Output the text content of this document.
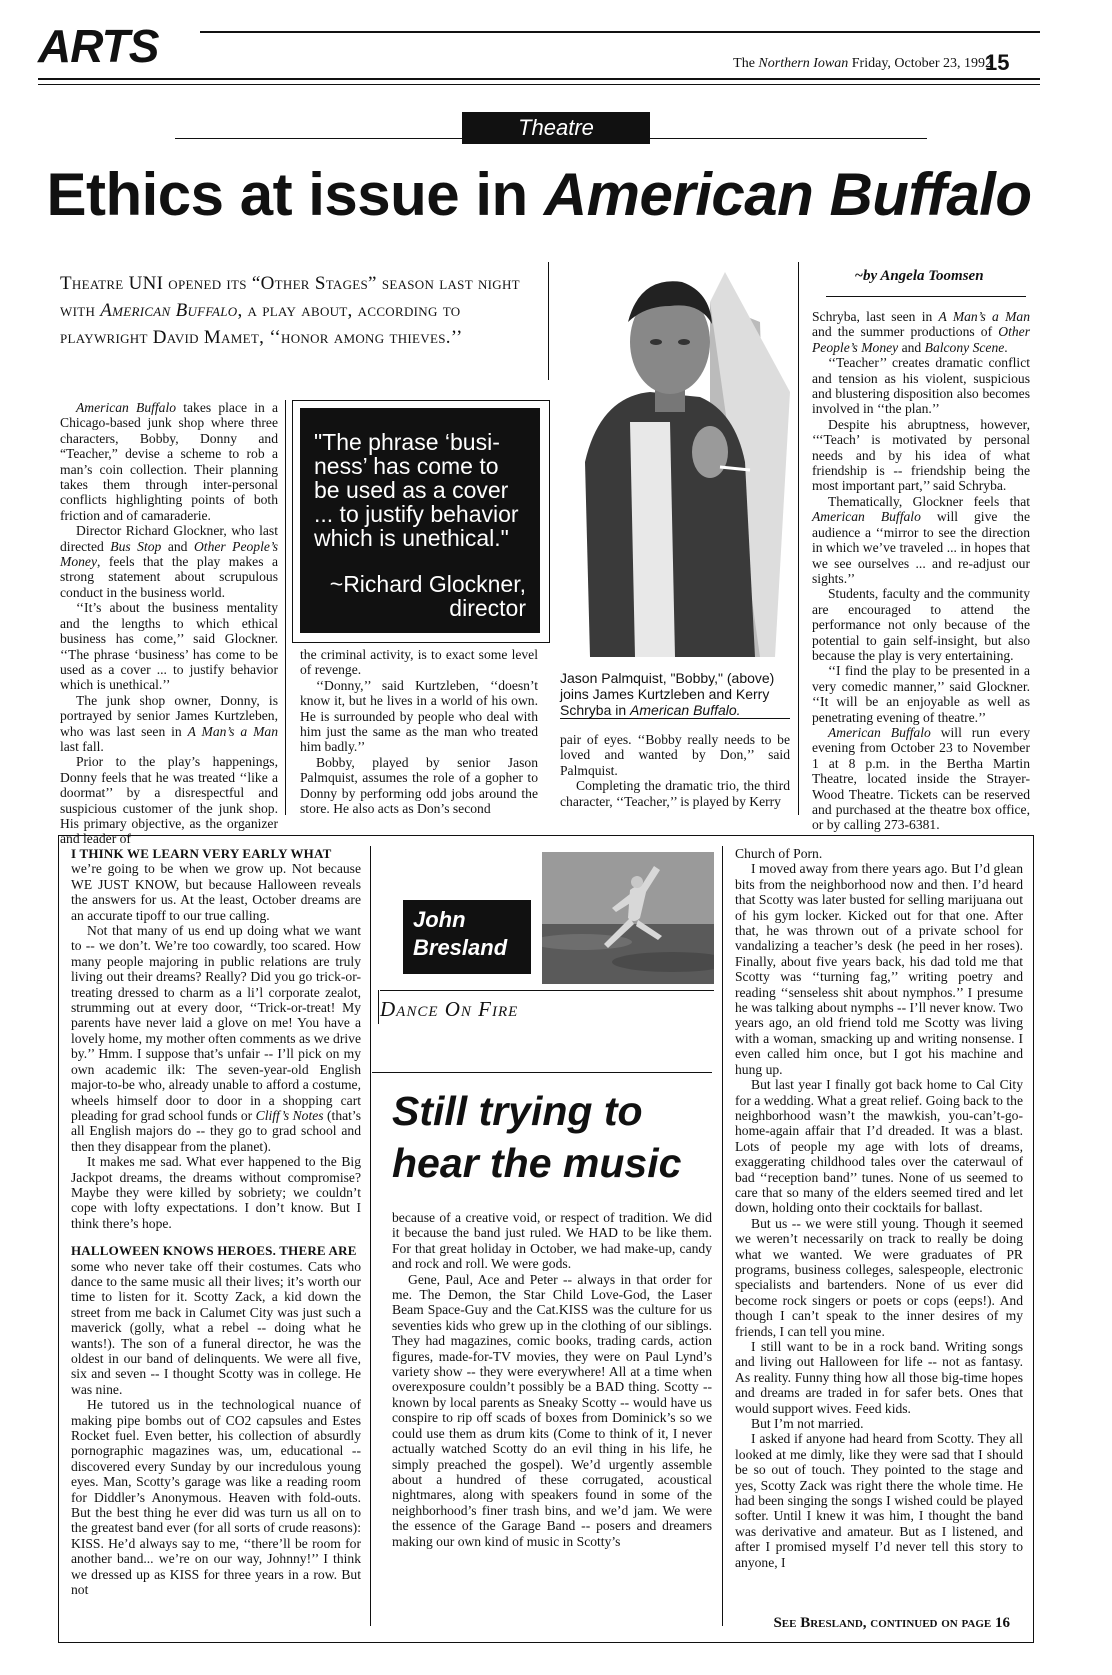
ARTS	The Northern Iowan Friday, October 23, 1992
15
Theatre
Ethics at issue in American Buffalo
Theatre UNI opened its “Other Stages” season last night with American Buffalo, a play about, according to playwright David Mamet, ‘‘honor among thieves.’’

American Buffalo takes place in a Chicago-based junk shop where three characters, Bobby, Donny and “Teacher,” devise a scheme to rob a man’s coin collection. Their planning takes them through inter-personal conflicts highlighting points of both friction and of camaraderie.

Director Richard Glockner, who last directed Bus Stop and Other People’s Money, feels that the play makes a strong statement about scrupulous conduct in the business world.

‘‘It’s about the business mentality and the lengths to which ethical business has come,’’ said Glockner. ‘‘The phrase ‘business’ has come to be used as a cover ... to justify behavior which is unethical.’’

The junk shop owner, Donny, is portrayed by senior James Kurtzleben, who was last seen in A Man’s a Man last fall.

Prior to the play’s happenings, Donny feels that he was treated ‘‘like a doormat’’ by a disrespectful and suspicious customer of the junk shop. His primary objective, as the organizer and leader of

"The phrase ‘busi-ness’ has come to be used as a cover ... to justify behavior which is unethical."
~Richard Glockner,
director

the criminal activity, is to exact some level of revenge.

‘‘Donny,’’ said Kurtzleben, ‘‘doesn’t know it, but he lives in a world of his own. He is surrounded by people who deal with him just the same as the man who treated him badly.’’

Bobby, played by senior Jason Palmquist, assumes the role of a gopher to Donny by performing odd jobs around the store. He also acts as Don’s second

Jason Palmquist, "Bobby," (above) joins James Kurtzleben and Kerry Schryba in American Buffalo.

pair of eyes. ‘‘Bobby really needs to be loved and wanted by Don,’’ said Palmquist.

Completing the dramatic trio, the third character, ‘‘Teacher,’’ is played by Kerry

~by Angela Toomsen

Schryba, last seen in A Man’s a Man and the summer productions of Other People’s Money and Balcony Scene.

‘‘Teacher’’ creates dramatic conflict and tension as his violent, suspicious and blustering disposition also becomes involved in ‘‘the plan.’’

Despite his abruptness, however, ‘‘‘Teach’ is motivated by personal needs and by his idea of what friendship is -- friendship being the most important part,’’ said Schryba.

Thematically, Glockner feels that American Buffalo will give the audience a ‘‘mirror to see the direction in which we’ve traveled ... in hopes that we see ourselves ... and re-adjust our sights.’’

Students, faculty and the community are encouraged to attend the performance not only because of the potential to gain self-insight, but also because the play is very entertaining.

‘‘I find the play to be presented in a very comedic manner,’’ said Glockner. ‘‘It will be an enjoyable as well as penetrating evening of theatre.’’

American Buffalo will run every evening from October 23 to November 1 at 8 p.m. in the Bertha Martin Theatre, located inside the Strayer-Wood Theatre. Tickets can be reserved and purchased at the theatre box office, or by calling 273-6381.

I THINK WE LEARN VERY EARLY WHAT

we’re going to be when we grow up. Not because WE JUST KNOW, but because Halloween reveals the answers for us. At the least, October dreams are an accurate tipoff to our true calling.

Not that many of us end up doing what we want to -- we don’t. We’re too cowardly, too scared. How many people majoring in public relations are truly living out their dreams? Really? Did you go trick-or-treating dressed to charm as a li’l corporate zealot, strumming out at every door, ‘‘Trick-or-treat! My parents have never laid a glove on me! You have a lovely home, my mother often comments as we drive by.’’ Hmm. I suppose that’s unfair -- I’ll pick on my own academic ilk: The seven-year-old English major-to-be who, already unable to afford a costume, wheels himself door to door in a shopping cart pleading for grad school funds or Cliff’s Notes (that’s all English majors do -- they go to grad school and then they disappear from the planet).

It makes me sad. What ever happened to the Big Jackpot dreams, the dreams without compromise? Maybe they were killed by sobriety; we couldn’t cope with lofty expectations. I don’t know. But I think there’s hope.

HALLOWEEN KNOWS HEROES. THERE ARE

some who never take off their costumes. Cats who dance to the same music all their lives; it’s worth our time to listen for it. Scotty Zack, a kid down the street from me back in Calumet City was just such a maverick (golly, what a rebel -- doing what he wants!). The son of a funeral director, he was the oldest in our band of delinquents. We were all five, six and seven -- I thought Scotty was in college. He was nine.

He tutored us in the technological nuance of making pipe bombs out of CO2 capsules and Estes Rocket fuel. Even better, his collection of absurdly pornographic magazines was, um, educational -- discovered every Sunday by our incredulous young eyes. Man, Scotty’s garage was like a reading room for Diddler’s Anonymous. Heaven with fold-outs. But the best thing he ever did was turn us all on to the greatest band ever (for all sorts of crude reasons): KISS. He’d always say to me, ‘‘there’ll be room for another band... we’re on our way, Johnny!’’ I think we dressed up as KISS for three years in a row. But not

John
Bresland
Dance On Fire
Still trying to
hear the music

because of a creative void, or respect of tradition. We did it because the band just ruled. We HAD to be like them. For that great holiday in October, we had make-up, candy and rock and roll. We were gods.

Gene, Paul, Ace and Peter -- always in that order for me. The Demon, the Star Child Love-God, the Laser Beam Space-Guy and the Cat.KISS was the culture for us seventies kids who grew up in the clothing of our siblings. They had magazines, comic books, trading cards, action figures, made-for-TV movies, they were on Paul Lynd’s variety show -- they were everywhere! All at a time when overexposure couldn’t possibly be a BAD thing. Scotty -- known by local parents as Sneaky Scotty -- would have us conspire to rip off scads of boxes from Dominick’s so we could use them as drum kits (Come to think of it, I never actually watched Scotty do an evil thing in his life, he simply preached the gospel). We’d urgently assemble about a hundred of these corrugated, acoustical nightmares, along with speakers found in some of the neighborhood’s finer trash bins, and we’d jam. We were the essence of the Garage Band -- posers and dreamers making our own kind of music in Scotty’s

Church of Porn.

I moved away from there years ago. But I’d glean bits from the neighborhood now and then. I’d heard that Scotty was later busted for selling marijuana out of his gym locker. Kicked out for that one. After that, he was thrown out of a private school for vandalizing a teacher’s desk (he peed in her roses). Finally, about five years back, his dad told me that Scotty was ‘‘turning fag,’’ writing poetry and reading ‘‘senseless shit about nymphos.’’ I presume he was talking about nymphs -- I’ll never know. Two years ago, an old friend told me Scotty was living with a woman, smacking up and writing nonsense. I even called him once, but I got his machine and hung up.

But last year I finally got back home to Cal City for a wedding. What a great relief. Going back to the neighborhood wasn’t the mawkish, you-can’t-go-home-again affair that I’d dreaded. It was a blast. Lots of people my age with lots of dreams, exaggerating childhood tales over the caterwaul of bad ‘‘reception band’’ tunes. None of us seemed to care that so many of the elders seemed tired and let down, holding onto their cocktails for ballast.

But us -- we were still young. Though it seemed we weren’t necessarily on track to really be doing what we wanted. We were graduates of PR programs, business colleges, salespeople, electronic specialists and bartenders. None of us ever did become rock singers or poets or cops (eeps!). And though I can’t speak to the inner desires of my friends, I can tell you mine.

I still want to be in a rock band. Writing songs and living out Halloween for life -- not as fantasy. As reality. Funny thing how all those big-time hopes and dreams are traded in for safer bets. Ones that would support wives. Feed kids.

But I’m not married.

I asked if anyone had heard from Scotty. They all looked at me dimly, like they were sad that I should be so out of touch. They pointed to the stage and yes, Scotty Zack was right there the whole time. He had been singing the songs I wished could be played softer. Until I knew it was him, I thought the band was derivative and amateur. But as I listened, and after I promised myself I’d never tell this story to anyone, I

See Bresland, continued on page 16
